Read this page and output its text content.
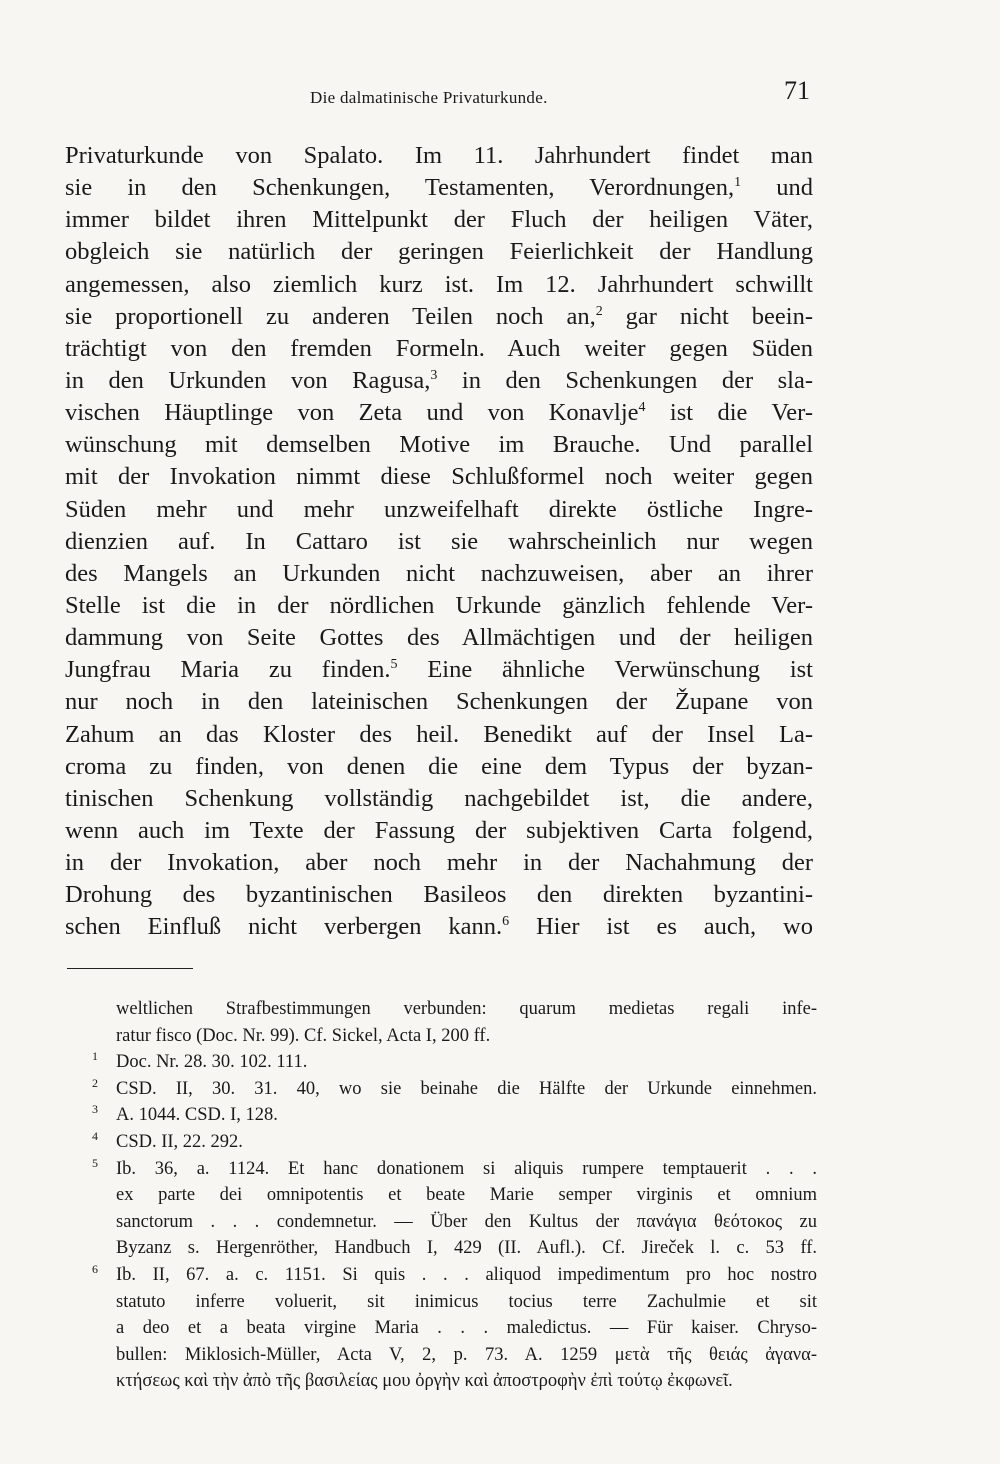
Die dalmatinische Privaturkunde.	71
Privaturkunde von Spalato. Im 11. Jahrhundert findet man
sie in den Schenkungen, Testamenten, Verordnungen,$^1$ und
immer bildet ihren Mittelpunkt der Fluch der heiligen Väter,
obgleich sie natürlich der geringen Feierlichkeit der Handlung
angemessen, also ziemlich kurz ist. Im 12. Jahrhundert schwillt
sie proportionell zu anderen Teilen noch an,$^2$ gar nicht beein-
trächtigt von den fremden Formeln. Auch weiter gegen Süden
in den Urkunden von Ragusa,$^3$ in den Schenkungen der sla-
vischen Häuptlinge von Zeta und von Konavlje$^4$ ist die Ver-
wünschung mit demselben Motive im Brauche. Und parallel
mit der Invokation nimmt diese Schlußformel noch weiter gegen
Süden mehr und mehr unzweifelhaft direkte östliche Ingre-
dienzien auf. In Cattaro ist sie wahrscheinlich nur wegen
des Mangels an Urkunden nicht nachzuweisen, aber an ihrer
Stelle ist die in der nördlichen Urkunde gänzlich fehlende Ver-
dammung von Seite Gottes des Allmächtigen und der heiligen
Jungfrau Maria zu finden.$^5$ Eine ähnliche Verwünschung ist
nur noch in den lateinischen Schenkungen der Župane von
Zahum an das Kloster des heil. Benedikt auf der Insel La-
croma zu finden, von denen die eine dem Typus der byzan-
tinischen Schenkung vollständig nachgebildet ist, die andere,
wenn auch im Texte der Fassung der subjektiven Carta folgend,
in der Invokation, aber noch mehr in der Nachahmung der
Drohung des byzantinischen Basileos den direkten byzantini-
schen Einfluß nicht verbergen kann.$^6$ Hier ist es auch, wo
weltlichen Strafbestimmungen verbunden: quarum medietas regali infe-
ratur fisco (Doc. Nr. 99). Cf. Sickel, Acta I, 200 ff.
1 Doc. Nr. 28. 30. 102. 111.
2 CSD. II, 30. 31. 40, wo sie beinahe die Hälfte der Urkunde einnehmen.
3 A. 1044. CSD. I, 128.
4 CSD. II, 22. 292.
5 Ib. 36, a. 1124. Et hanc donationem si aliquis rumpere temptauerit . . .
ex parte dei omnipotentis et beate Marie semper virginis et omnium
sanctorum . . . condemnetur. — Über den Kultus der πανάγια θεότοκος zu
Byzanz s. Hergenröther, Handbuch I, 429 (II. Aufl.). Cf. Jireček l. c. 53 ff.
6 Ib. II, 67. a. c. 1151. Si quis . . . aliquod impedimentum pro hoc nostro
statuto inferre voluerit, sit inimicus tocius terre Zachulmie et sit
a deo et a beata virgine Maria . . . maledictus. — Für kaiser. Chryso-
bullen: Miklosich-Müller, Acta V, 2, p. 73. A. 1259 μετὰ τῆς θειάς ἀγανα-
κτήσεως καὶ τὴν ἀπὸ τῆς βασιλείας μου ὀργὴν καὶ ἀποστροφὴν ἐπὶ τούτῳ ἐκφωνεῖ.
